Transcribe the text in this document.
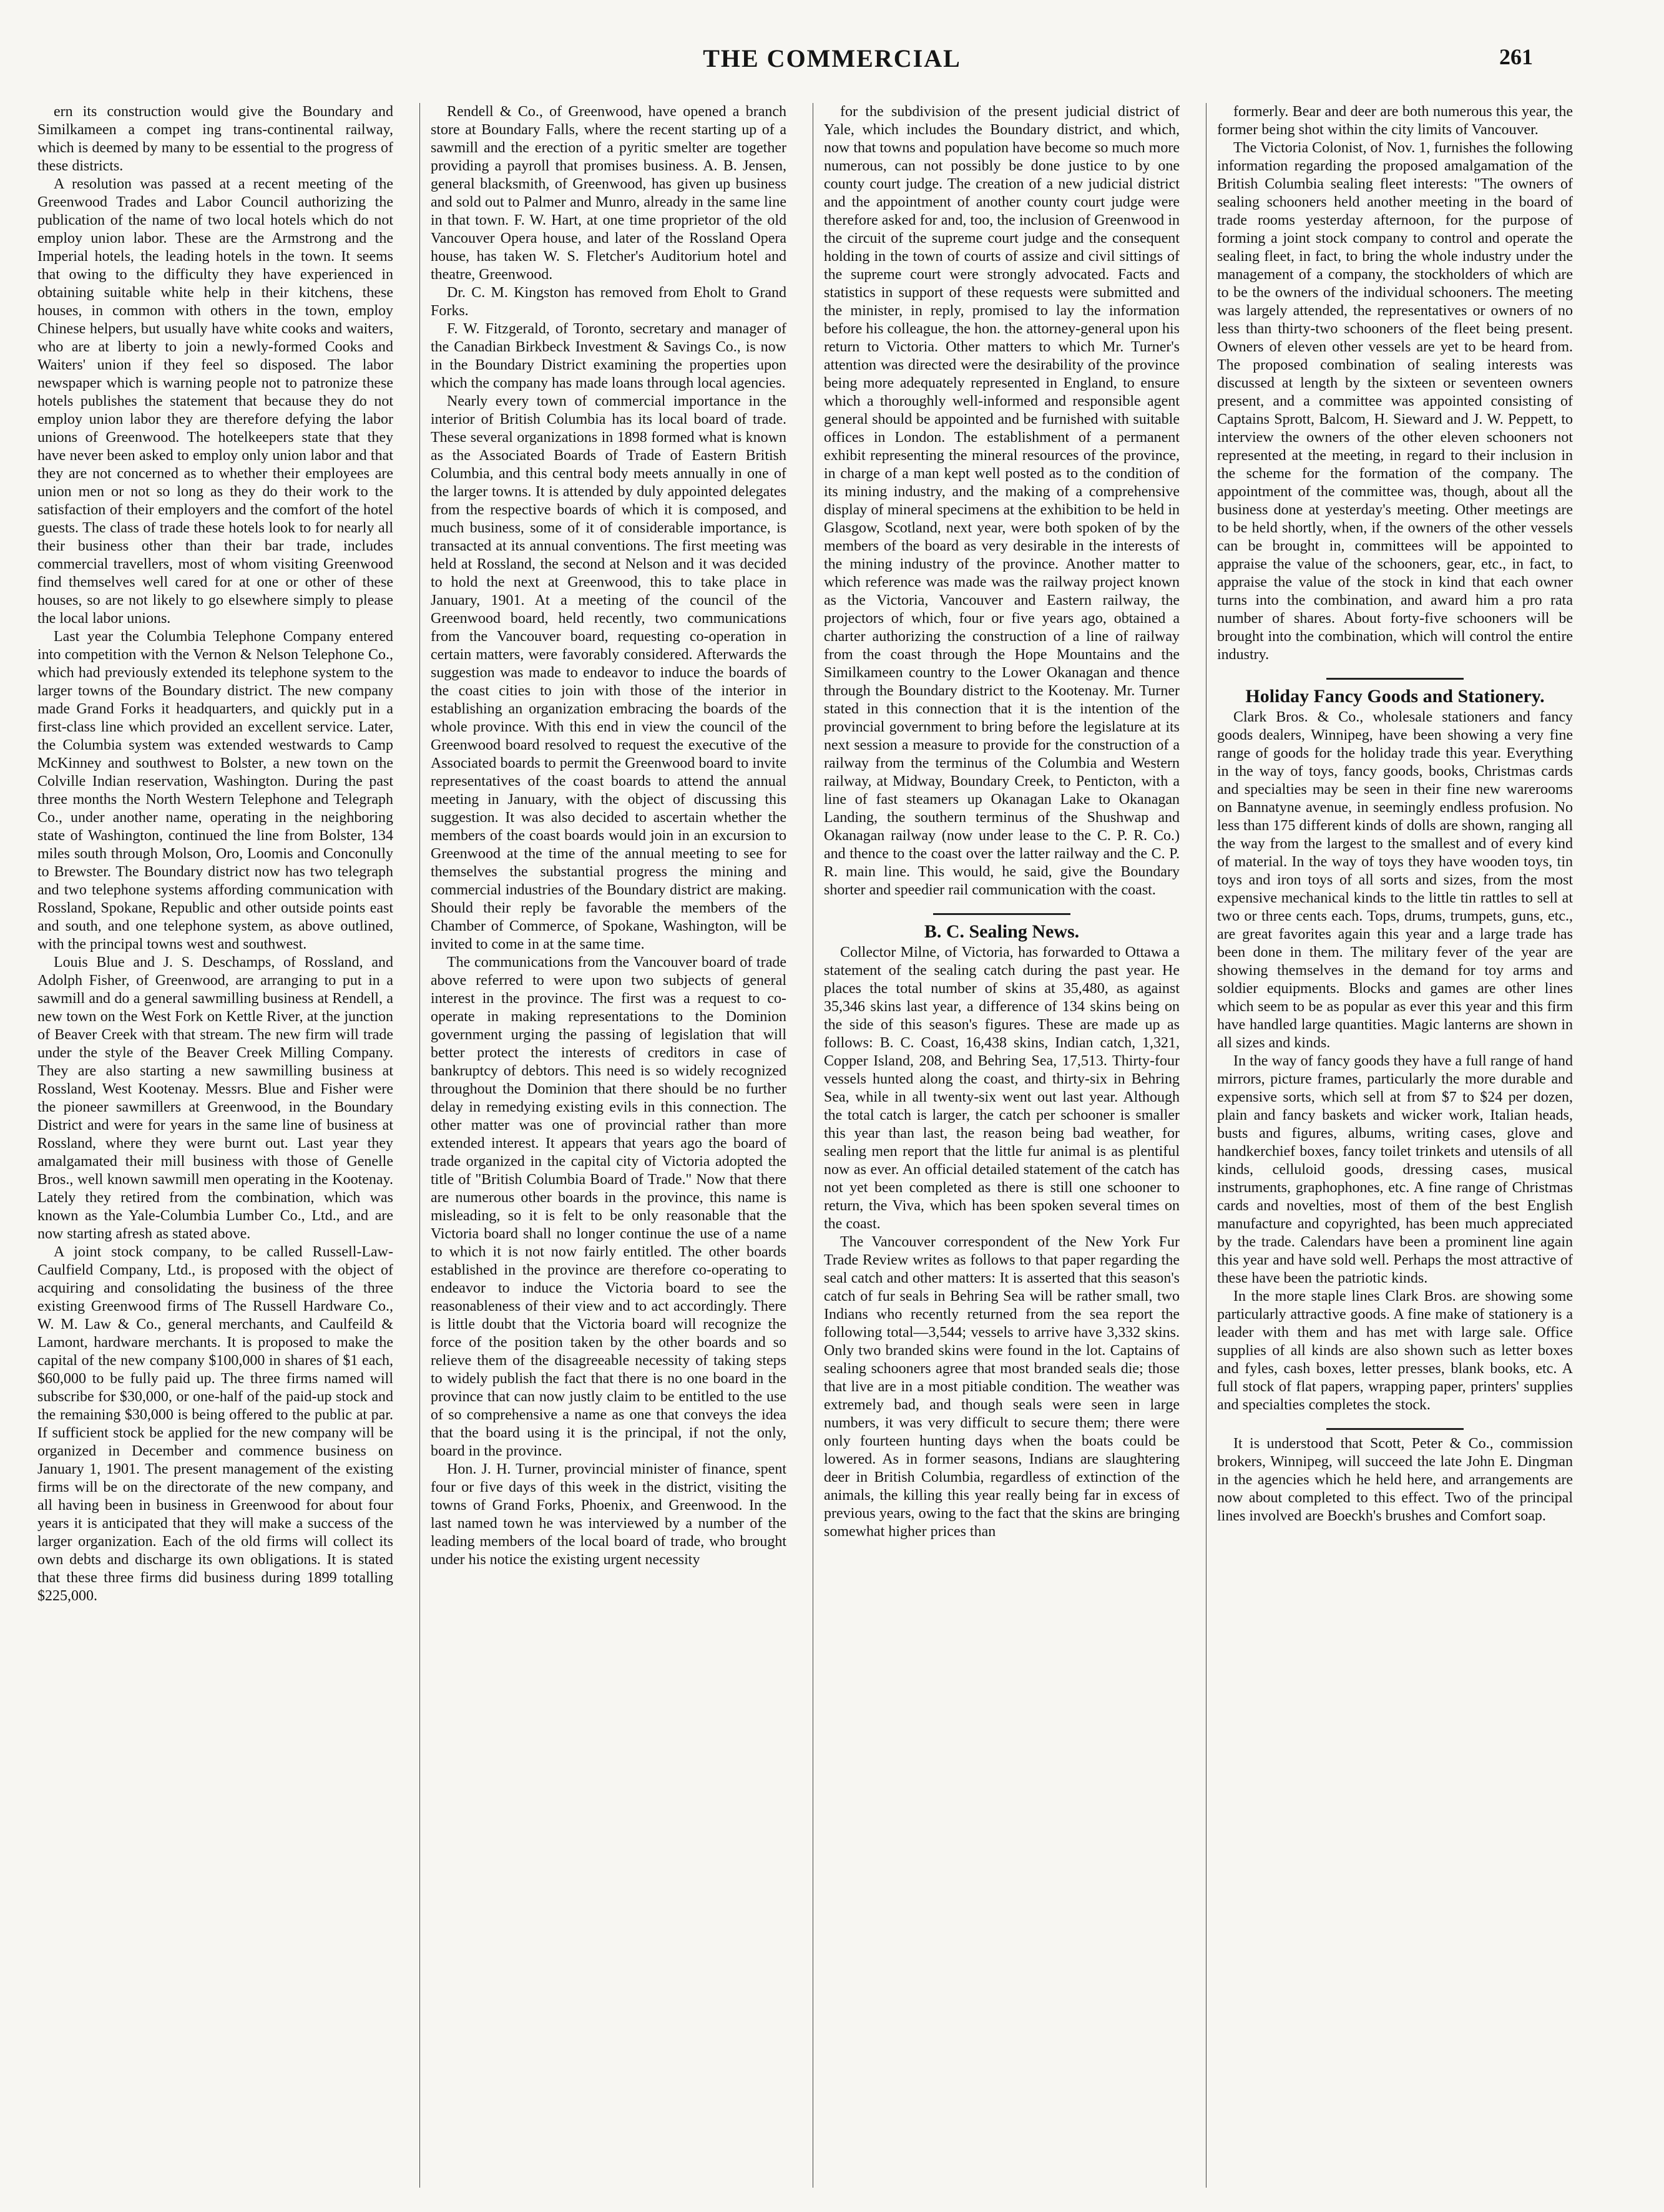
THE COMMERCIAL	261

ern its construction would give the Boundary and Similkameen a compet ing trans-continental railway, which is deemed by many to be essential to the progress of these districts.

A resolution was passed at a recent meeting of the Greenwood Trades and Labor Council authorizing the publication of the name of two local hotels which do not employ union labor. These are the Armstrong and the Imperial hotels, the leading hotels in the town. It seems that owing to the difficulty they have experienced in obtaining suitable white help in their kitchens, these houses, in common with others in the town, employ Chinese helpers, but usually have white cooks and waiters, who are at liberty to join a newly-formed Cooks and Waiters' union if they feel so disposed. The labor newspaper which is warning people not to patronize these hotels publishes the statement that because they do not employ union labor they are therefore defying the labor unions of Greenwood. The hotelkeepers state that they have never been asked to employ only union labor and that they are not concerned as to whether their employees are union men or not so long as they do their work to the satisfaction of their employers and the comfort of the hotel guests. The class of trade these hotels look to for nearly all their business other than their bar trade, includes commercial travellers, most of whom visiting Greenwood find themselves well cared for at one or other of these houses, so are not likely to go elsewhere simply to please the local labor unions.

Last year the Columbia Telephone Company entered into competition with the Vernon & Nelson Telephone Co., which had previously extended its telephone system to the larger towns of the Boundary district. The new company made Grand Forks it headquarters, and quickly put in a first-class line which provided an excellent service. Later, the Columbia system was extended westwards to Camp McKinney and southwest to Bolster, a new town on the Colville Indian reservation, Washington. During the past three months the North Western Telephone and Telegraph Co., under another name, operating in the neighboring state of Washington, continued the line from Bolster, 134 miles south through Molson, Oro, Loomis and Conconully to Brewster. The Boundary district now has two telegraph and two telephone systems affording communication with Rossland, Spokane, Republic and other outside points east and south, and one telephone system, as above outlined, with the principal towns west and southwest.

Louis Blue and J. S. Deschamps, of Rossland, and Adolph Fisher, of Greenwood, are arranging to put in a sawmill and do a general sawmilling business at Rendell, a new town on the West Fork on Kettle River, at the junction of Beaver Creek with that stream. The new firm will trade under the style of the Beaver Creek Milling Company. They are also starting a new sawmilling business at Rossland, West Kootenay. Messrs. Blue and Fisher were the pioneer sawmillers at Greenwood, in the Boundary District and were for years in the same line of business at Rossland, where they were burnt out. Last year they amalgamated their mill business with those of Genelle Bros., well known sawmill men operating in the Kootenay. Lately they retired from the combination, which was known as the Yale-Columbia Lumber Co., Ltd., and are now starting afresh as stated above.

A joint stock company, to be called Russell-Law-Caulfield Company, Ltd., is proposed with the object of acquiring and consolidating the business of the three existing Greenwood firms of The Russell Hardware Co., W. M. Law & Co., general merchants, and Caulfeild & Lamont, hardware merchants. It is proposed to make the capital of the new company $100,000 in shares of $1 each, $60,000 to be fully paid up. The three firms named will subscribe for $30,000, or one-half of the paid-up stock and the remaining $30,000 is being offered to the public at par. If sufficient stock be applied for the new company will be organized in December and commence business on January 1, 1901. The present management of the existing firms will be on the directorate of the new company, and all having been in business in Greenwood for about four years it is anticipated that they will make a success of the larger organization. Each of the old firms will collect its own debts and discharge its own obligations. It is stated that these three firms did business during 1899 totalling $225,000.

Rendell & Co., of Greenwood, have opened a branch store at Boundary Falls, where the recent starting up of a sawmill and the erection of a pyritic smelter are together providing a payroll that promises business. A. B. Jensen, general blacksmith, of Greenwood, has given up business and sold out to Palmer and Munro, already in the same line in that town. F. W. Hart, at one time proprietor of the old Vancouver Opera house, and later of the Rossland Opera house, has taken W. S. Fletcher's Auditorium hotel and theatre, Greenwood.

Dr. C. M. Kingston has removed from Eholt to Grand Forks.

F. W. Fitzgerald, of Toronto, secretary and manager of the Canadian Birkbeck Investment & Savings Co., is now in the Boundary District examining the properties upon which the company has made loans through local agencies.

Nearly every town of commercial importance in the interior of British Columbia has its local board of trade. These several organizations in 1898 formed what is known as the Associated Boards of Trade of Eastern British Columbia, and this central body meets annually in one of the larger towns. It is attended by duly appointed delegates from the respective boards of which it is composed, and much business, some of it of considerable importance, is transacted at its annual conventions. The first meeting was held at Rossland, the second at Nelson and it was decided to hold the next at Greenwood, this to take place in January, 1901. At a meeting of the council of the Greenwood board, held recently, two communications from the Vancouver board, requesting co-operation in certain matters, were favorably considered. Afterwards the suggestion was made to endeavor to induce the boards of the coast cities to join with those of the interior in establishing an organization embracing the boards of the whole province. With this end in view the council of the Greenwood board resolved to request the executive of the Associated boards to permit the Greenwood board to invite representatives of the coast boards to attend the annual meeting in January, with the object of discussing this suggestion. It was also decided to ascertain whether the members of the coast boards would join in an excursion to Greenwood at the time of the annual meeting to see for themselves the substantial progress the mining and commercial industries of the Boundary district are making. Should their reply be favorable the members of the Chamber of Commerce, of Spokane, Washington, will be invited to come in at the same time.

The communications from the Vancouver board of trade above referred to were upon two subjects of general interest in the province. The first was a request to co-operate in making representations to the Dominion government urging the passing of legislation that will better protect the interests of creditors in case of bankruptcy of debtors. This need is so widely recognized throughout the Dominion that there should be no further delay in remedying existing evils in this connection. The other matter was one of provincial rather than more extended interest. It appears that years ago the board of trade organized in the capital city of Victoria adopted the title of "British Columbia Board of Trade." Now that there are numerous other boards in the province, this name is misleading, so it is felt to be only reasonable that the Victoria board shall no longer continue the use of a name to which it is not now fairly entitled. The other boards established in the province are therefore co-operating to endeavor to induce the Victoria board to see the reasonableness of their view and to act accordingly. There is little doubt that the Victoria board will recognize the force of the position taken by the other boards and so relieve them of the disagreeable necessity of taking steps to widely publish the fact that there is no one board in the province that can now justly claim to be entitled to the use of so comprehensive a name as one that conveys the idea that the board using it is the principal, if not the only, board in the province.

Hon. J. H. Turner, provincial minister of finance, spent four or five days of this week in the district, visiting the towns of Grand Forks, Phoenix, and Greenwood. In the last named town he was interviewed by a number of the leading members of the local board of trade, who brought under his notice the existing urgent necessity

for the subdivision of the present judicial district of Yale, which includes the Boundary district, and which, now that towns and population have become so much more numerous, can not possibly be done justice to by one county court judge. The creation of a new judicial district and the appointment of another county court judge were therefore asked for and, too, the inclusion of Greenwood in the circuit of the supreme court judge and the consequent holding in the town of courts of assize and civil sittings of the supreme court were strongly advocated. Facts and statistics in support of these requests were submitted and the minister, in reply, promised to lay the information before his colleague, the hon. the attorney-general upon his return to Victoria. Other matters to which Mr. Turner's attention was directed were the desirability of the province being more adequately represented in England, to ensure which a thoroughly well-informed and responsible agent general should be appointed and be furnished with suitable offices in London. The establishment of a permanent exhibit representing the mineral resources of the province, in charge of a man kept well posted as to the condition of its mining industry, and the making of a comprehensive display of mineral specimens at the exhibition to be held in Glasgow, Scotland, next year, were both spoken of by the members of the board as very desirable in the interests of the mining industry of the province. Another matter to which reference was made was the railway project known as the Victoria, Vancouver and Eastern railway, the projectors of which, four or five years ago, obtained a charter authorizing the construction of a line of railway from the coast through the Hope Mountains and the Similkameen country to the Lower Okanagan and thence through the Boundary district to the Kootenay. Mr. Turner stated in this connection that it is the intention of the provincial government to bring before the legislature at its next session a measure to provide for the construction of a railway from the terminus of the Columbia and Western railway, at Midway, Boundary Creek, to Penticton, with a line of fast steamers up Okanagan Lake to Okanagan Landing, the southern terminus of the Shushwap and Okanagan railway (now under lease to the C. P. R. Co.) and thence to the coast over the latter railway and the C. P. R. main line. This would, he said, give the Boundary shorter and speedier rail communication with the coast.

B. C. Sealing News.

Collector Milne, of Victoria, has forwarded to Ottawa a statement of the sealing catch during the past year. He places the total number of skins at 35,480, as against 35,346 skins last year, a difference of 134 skins being on the side of this season's figures. These are made up as follows: B. C. Coast, 16,438 skins, Indian catch, 1,321, Copper Island, 208, and Behring Sea, 17,513. Thirty-four vessels hunted along the coast, and thirty-six in Behring Sea, while in all twenty-six went out last year. Although the total catch is larger, the catch per schooner is smaller this year than last, the reason being bad weather, for sealing men report that the little fur animal is as plentiful now as ever. An official detailed statement of the catch has not yet been completed as there is still one schooner to return, the Viva, which has been spoken several times on the coast.

The Vancouver correspondent of the New York Fur Trade Review writes as follows to that paper regarding the seal catch and other matters: It is asserted that this season's catch of fur seals in Behring Sea will be rather small, two Indians who recently returned from the sea report the following total—3,544; vessels to arrive have 3,332 skins. Only two branded skins were found in the lot. Captains of sealing schooners agree that most branded seals die; those that live are in a most pitiable condition. The weather was extremely bad, and though seals were seen in large numbers, it was very difficult to secure them; there were only fourteen hunting days when the boats could be lowered. As in former seasons, Indians are slaughtering deer in British Columbia, regardless of extinction of the animals, the killing this year really being far in excess of previous years, owing to the fact that the skins are bringing somewhat higher prices than

formerly. Bear and deer are both numerous this year, the former being shot within the city limits of Vancouver.

The Victoria Colonist, of Nov. 1, furnishes the following information regarding the proposed amalgamation of the British Columbia sealing fleet interests: "The owners of sealing schooners held another meeting in the board of trade rooms yesterday afternoon, for the purpose of forming a joint stock company to control and operate the sealing fleet, in fact, to bring the whole industry under the management of a company, the stockholders of which are to be the owners of the individual schooners. The meeting was largely attended, the representatives or owners of no less than thirty-two schooners of the fleet being present. Owners of eleven other vessels are yet to be heard from. The proposed combination of sealing interests was discussed at length by the sixteen or seventeen owners present, and a committee was appointed consisting of Captains Sprott, Balcom, H. Sieward and J. W. Peppett, to interview the owners of the other eleven schooners not represented at the meeting, in regard to their inclusion in the scheme for the formation of the company. The appointment of the committee was, though, about all the business done at yesterday's meeting. Other meetings are to be held shortly, when, if the owners of the other vessels can be brought in, committees will be appointed to appraise the value of the schooners, gear, etc., in fact, to appraise the value of the stock in kind that each owner turns into the combination, and award him a pro rata number of shares. About forty-five schooners will be brought into the combination, which will control the entire industry.

Holiday Fancy Goods and Stationery.

Clark Bros. & Co., wholesale stationers and fancy goods dealers, Winnipeg, have been showing a very fine range of goods for the holiday trade this year. Everything in the way of toys, fancy goods, books, Christmas cards and specialties may be seen in their fine new warerooms on Bannatyne avenue, in seemingly endless profusion. No less than 175 different kinds of dolls are shown, ranging all the way from the largest to the smallest and of every kind of material. In the way of toys they have wooden toys, tin toys and iron toys of all sorts and sizes, from the most expensive mechanical kinds to the little tin rattles to sell at two or three cents each. Tops, drums, trumpets, guns, etc., are great favorites again this year and a large trade has been done in them. The military fever of the year are showing themselves in the demand for toy arms and soldier equipments. Blocks and games are other lines which seem to be as popular as ever this year and this firm have handled large quantities. Magic lanterns are shown in all sizes and kinds.

In the way of fancy goods they have a full range of hand mirrors, picture frames, particularly the more durable and expensive sorts, which sell at from $7 to $24 per dozen, plain and fancy baskets and wicker work, Italian heads, busts and figures, albums, writing cases, glove and handkerchief boxes, fancy toilet trinkets and utensils of all kinds, celluloid goods, dressing cases, musical instruments, graphophones, etc. A fine range of Christmas cards and novelties, most of them of the best English manufacture and copyrighted, has been much appreciated by the trade. Calendars have been a prominent line again this year and have sold well. Perhaps the most attractive of these have been the patriotic kinds.

In the more staple lines Clark Bros. are showing some particularly attractive goods. A fine make of stationery is a leader with them and has met with large sale. Office supplies of all kinds are also shown such as letter boxes and fyles, cash boxes, letter presses, blank books, etc. A full stock of flat papers, wrapping paper, printers' supplies and specialties completes the stock.

It is understood that Scott, Peter & Co., commission brokers, Winnipeg, will succeed the late John E. Dingman in the agencies which he held here, and arrangements are now about completed to this effect. Two of the principal lines involved are Boeckh's brushes and Comfort soap.
